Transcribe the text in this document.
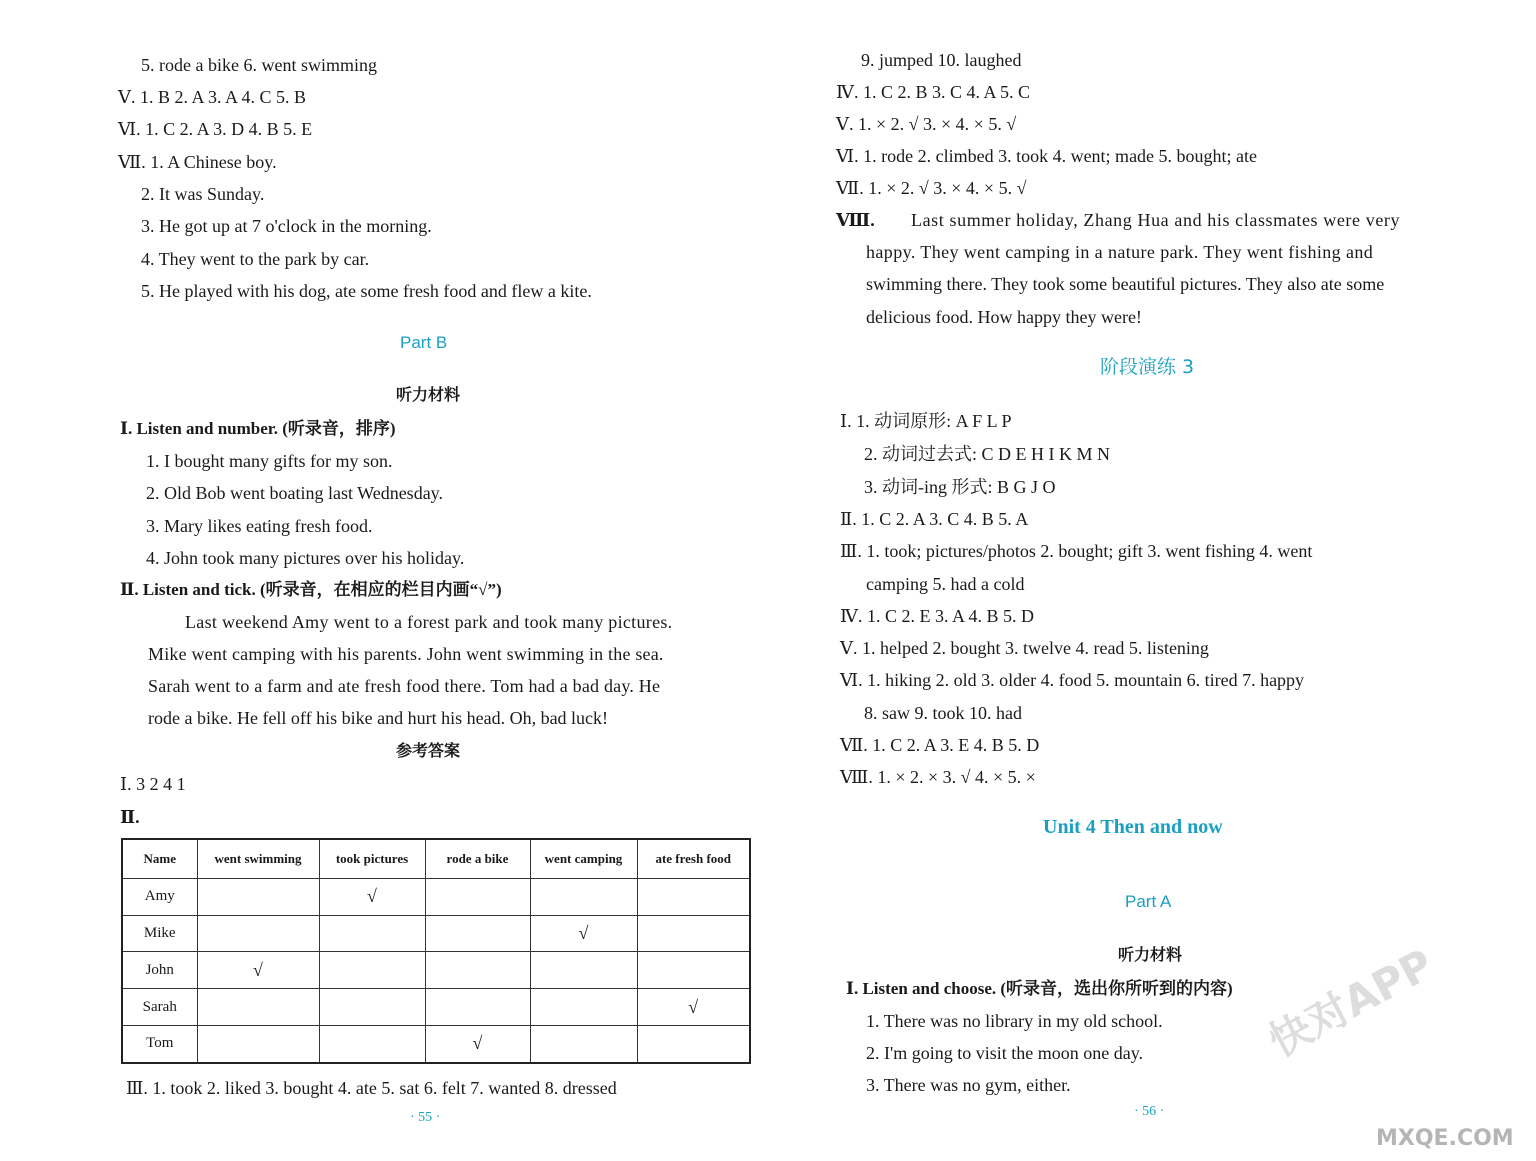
5. rode a bike 6. went swimming
Ⅴ. 1. B 2. A 3. A 4. C 5. B
Ⅵ. 1. C 2. A 3. D 4. B 5. E
Ⅶ. 1. A Chinese boy.
2. It was Sunday.
3. He got up at 7 o'clock in the morning.
4. They went to the park by car.
5. He played with his dog, ate some fresh food and flew a kite.
Part B
听力材料
Ⅰ. Listen and number. (听录音，排序)
1. I bought many gifts for my son.
2. Old Bob went boating last Wednesday.
3. Mary likes eating fresh food.
4. John took many pictures over his holiday.
Ⅱ. Listen and tick. (听录音，在相应的栏目内画“√”)
Last weekend Amy went to a forest park and took many pictures.
Mike went camping with his parents. John went swimming in the sea.
Sarah went to a farm and ate fresh food there. Tom had a bad day. He
rode a bike. He fell off his bike and hurt his head. Oh, bad luck!
参考答案
Ⅰ. 3 2 4 1
Ⅱ.
Name	went swimming	took pictures	rode a bike	went camping	ate fresh food
Amy		√			
Mike				√	
John	√				
Sarah					√
Tom			√		
Ⅲ. 1. took 2. liked 3. bought 4. ate 5. sat 6. felt 7. wanted 8. dressed
· 55 ·
9. jumped 10. laughed
Ⅳ. 1. C 2. B 3. C 4. A 5. C
Ⅴ. 1. × 2. √ 3. × 4. × 5. √
Ⅵ. 1. rode 2. climbed 3. took 4. went; made 5. bought; ate
Ⅶ. 1. × 2. √ 3. × 4. × 5. √
Ⅷ. Last summer holiday, Zhang Hua and his classmates were very
happy. They went camping in a nature park. They went fishing and
swimming there. They took some beautiful pictures. They also ate some
delicious food. How happy they were!
阶段演练 3
Ⅰ. 1. 动词原形: A F L P
2. 动词过去式: C D E H I K M N
3. 动词-ing 形式: B G J O
Ⅱ. 1. C 2. A 3. C 4. B 5. A
Ⅲ. 1. took; pictures/photos 2. bought; gift 3. went fishing 4. went
camping 5. had a cold
Ⅳ. 1. C 2. E 3. A 4. B 5. D
Ⅴ. 1. helped 2. bought 3. twelve 4. read 5. listening
Ⅵ. 1. hiking 2. old 3. older 4. food 5. mountain 6. tired 7. happy
8. saw 9. took 10. had
Ⅶ. 1. C 2. A 3. E 4. B 5. D
Ⅷ. 1. × 2. × 3. √ 4. × 5. ×
Unit 4 Then and now
Part A
听力材料
Ⅰ. Listen and choose. (听录音，选出你所听到的内容)
1. There was no library in my old school.
2. I'm going to visit the moon one day.
3. There was no gym, either.
· 56 ·
快对APP
MXQE.COM
